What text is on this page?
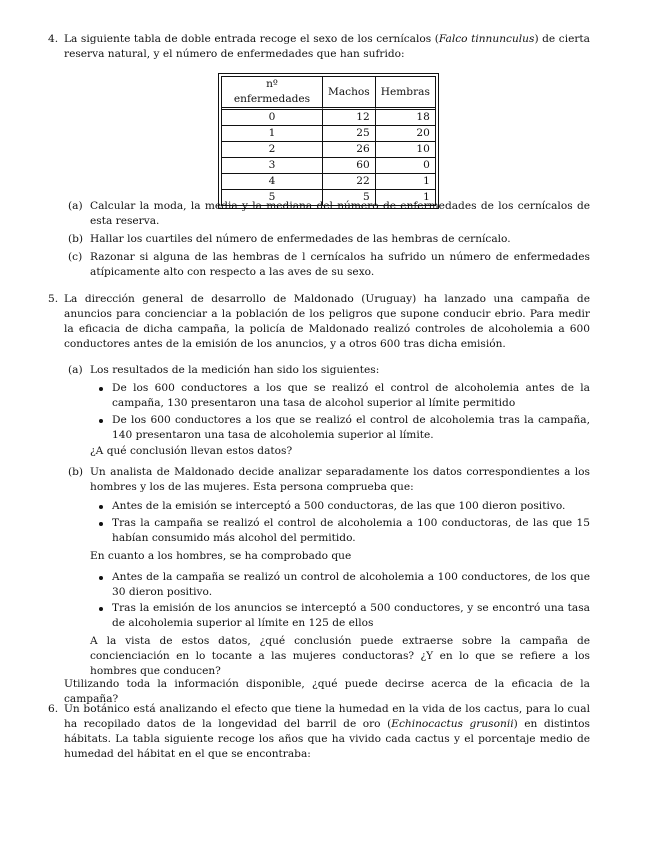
4. La siguiente tabla de doble entrada recoge el sexo de los cernícalos (Falco tinnunculus) de cierta reserva natural, y el número de enfermedades que han sufrido:

nº enfermedades	Machos	Hembras
0	12	18
1	25	20
2	26	10
3	60	0
4	22	1
5	5	1
(a) Calcular la moda, la media y la mediana del número de enfermedades de los cernícalos de esta reserva.
(b) Hallar los cuartiles del número de enfermedades de las hembras de cernícalo.
(c) Razonar si alguna de las hembras de l cernícalos ha sufrido un número de enfermedades atípicamente alto con respecto a las aves de su sexo.
5. La dirección general de desarrollo de Maldonado (Uruguay) ha lanzado una campaña de anuncios para concienciar a la población de los peligros que supone conducir ebrio. Para medir la eficacia de dicha campaña, la policía de Maldonado realizó controles de alcoholemia a 600 conductores antes de la emisión de los anuncios, y a otros 600 tras dicha emisión.
(a) Los resultados de la medición han sido los siguientes:
De los 600 conductores a los que se realizó el control de alcoholemia antes de la campaña, 130 presentaron una tasa de alcohol superior al límite permitido
De los 600 conductores a los que se realizó el control de alcoholemia tras la campaña, 140 presentaron una tasa de alcoholemia superior al límite.
¿A qué conclusión llevan estos datos?
(b) Un analista de Maldonado decide analizar separadamente los datos correspondientes a los hombres y los de las mujeres. Esta persona comprueba que:
Antes de la emisión se interceptó a 500 conductoras, de las que 100 dieron positivo.
Tras la campaña se realizó el control de alcoholemia a 100 conductoras, de las que 15 habían consumido más alcohol del permitido.
En cuanto a los hombres, se ha comprobado que
Antes de la campaña se realizó un control de alcoholemia a 100 conductores, de los que 30 dieron positivo.
Tras la emisión de los anuncios se interceptó a 500 conductores, y se encontró una tasa de alcoholemia superior al límite en 125 de ellos
A la vista de estos datos, ¿qué conclusión puede extraerse sobre la campaña de concienciación en lo tocante a las mujeres conductoras? ¿Y en lo que se refiere a los hombres que conducen?
Utilizando toda la información disponible, ¿qué puede decirse acerca de la eficacia de la campaña?
6. Un botánico está analizando el efecto que tiene la humedad en la vida de los cactus, para lo cual ha recopilado datos de la longevidad del barril de oro (Echinocactus grusonii) en distintos hábitats. La tabla siguiente recoge los años que ha vivido cada cactus y el porcentaje medio de humedad del hábitat en el que se encontraba:
